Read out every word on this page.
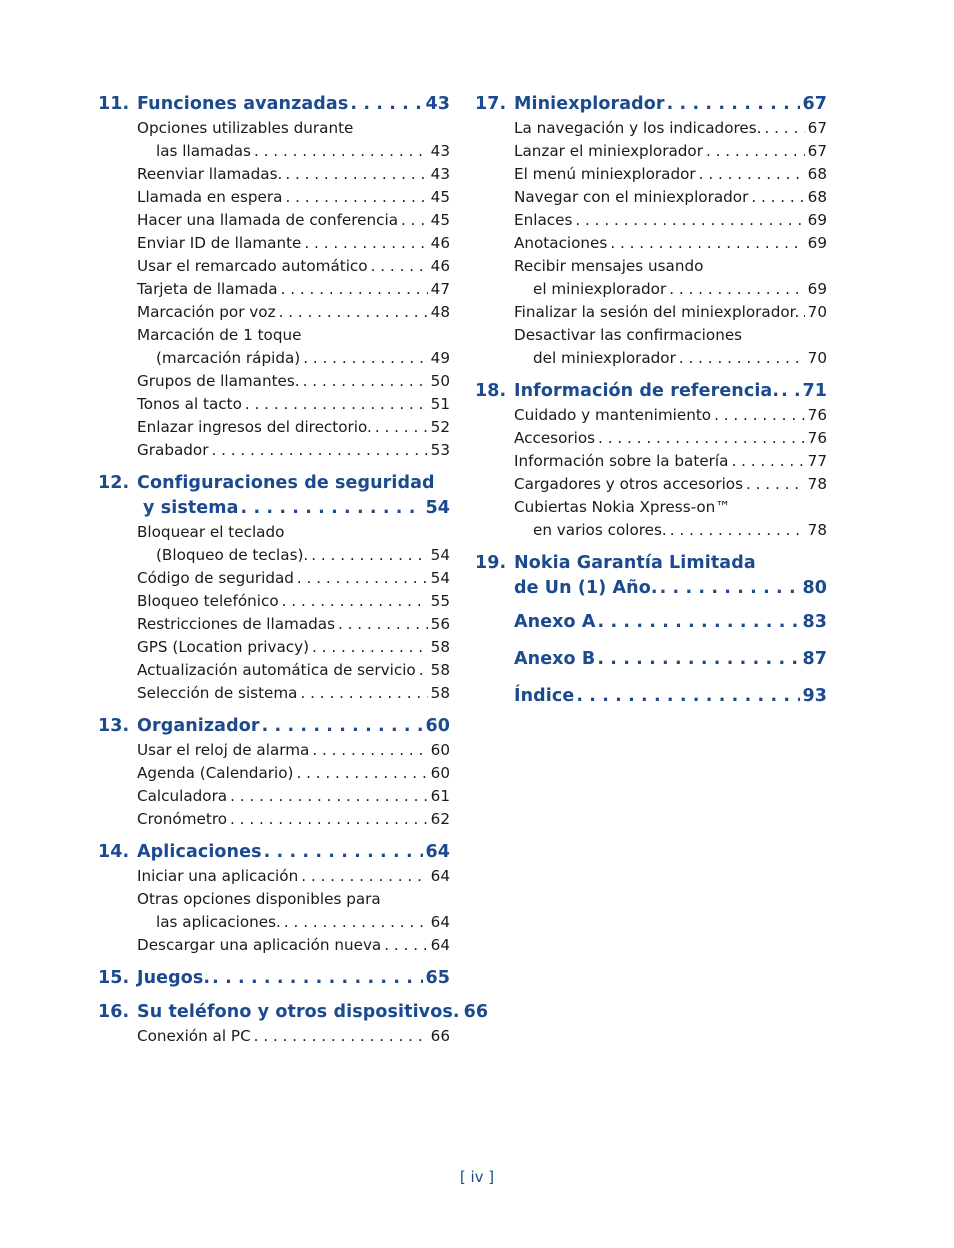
11. Funciones avanzadas . . .	43
Opciones utilizables durante
las llamadas . . .	43
Reenviar llamadas. . . .	43
Llamada en espera . . .	45
Hacer una llamada de conferencia . . . 45
Enviar ID de llamante . . .	46
Usar el remarcado automático . . .	46
Tarjeta de llamada . . .	47
Marcación por voz . . .	48
Marcación de 1 toque
(marcación rápida) . . .	49
Grupos de llamantes. . . .	50
Tonos al tacto . . .	51
Enlazar ingresos del directorio. . . .	52
Grabador . . .	53
12. Configuraciones de seguridad
y sistema . . .	54
Bloquear el teclado
(Bloqueo de teclas). . . .	54
Código de seguridad . . .	54
Bloqueo telefónico . . .	55
Restricciones de llamadas . . .	56
GPS (Location privacy) . . .	58
Actualización automática de servicio . . . 58
Selección de sistema . . .	58
13. Organizador . . .	60
Usar el reloj de alarma . . .	60
Agenda (Calendario) . . .	60
Calculadora . . .	61
Cronómetro . . .	62
14. Aplicaciones . . .	64
Iniciar una aplicación . . .	64
Otras opciones disponibles para
las aplicaciones. . . .	64
Descargar una aplicación nueva . . .	64
15. Juegos. . . .	65
16. Su teléfono y otros dispositivos. 66
Conexión al PC . . .	66
17. Miniexplorador . . .	67
La navegación y los indicadores. . . .	67
Lanzar el miniexplorador . . .	67
El menú miniexplorador . . .	68
Navegar con el miniexplorador . . .	68
Enlaces . . .	69
Anotaciones . . .	69
Recibir mensajes usando
el miniexplorador . . .	69
Finalizar la sesión del miniexplorador. . . . 70
Desactivar las confirmaciones
del miniexplorador . . .	70
18. Información de referencia. . . . 71
Cuidado y mantenimiento . . .	76
Accesorios . . .	76
Información sobre la batería . . .	77
Cargadores y otros accesorios . . .	78
Cubiertas Nokia Xpress-on™
en varios colores. . . .	78
19. Nokia Garantía Limitada
de Un (1) Año. . . .	80
Anexo A . . .	83
Anexo B . . .	87
Índice . . .	93
[ iv ]
